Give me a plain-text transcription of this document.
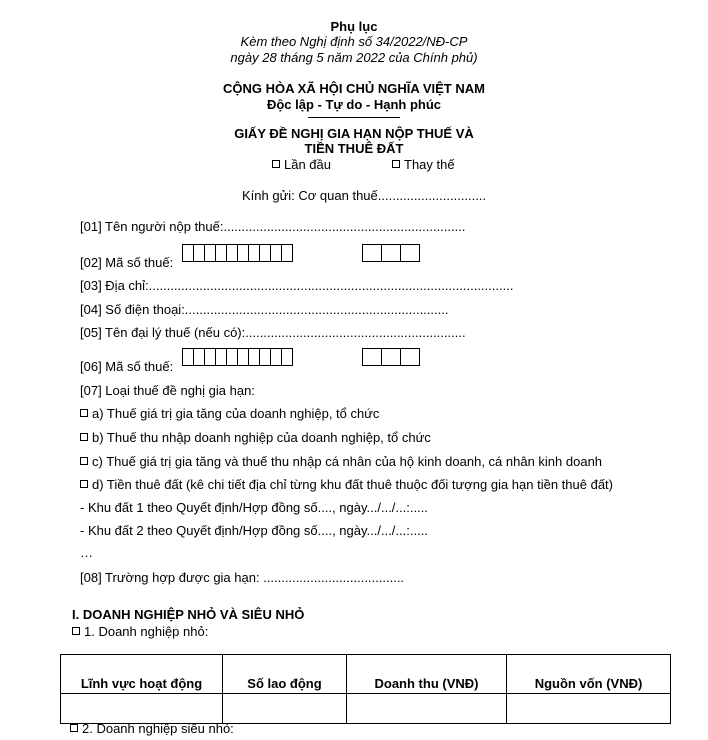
Phụ lục
Kèm theo Nghị định số 34/2022/NĐ-CP
ngày 28 tháng 5 năm 2022 của Chính phủ)
CỘNG HÒA XÃ HỘI CHỦ NGHĨA VIỆT NAM
Độc lập - Tự do - Hạnh phúc
GIẤY ĐỀ NGHỊ GIA HẠN NỘP THUẾ VÀ
TIỀN THUÊ ĐẤT
Lần đầu	Thay thế
Kính gửi: Cơ quan thuế..............................
[01] Tên người nộp thuế:...................................................................
[02] Mã số thuế:
[03] Địa chỉ:.....................................................................................................
[04] Số điện thoại:.........................................................................
[05] Tên đại lý thuế (nếu có):.............................................................
[06] Mã số thuế:
[07] Loại thuế đề nghị gia hạn:
a) Thuế giá trị gia tăng của doanh nghiệp, tổ chức
b) Thuế thu nhập doanh nghiệp của doanh nghiệp, tổ chức
c) Thuế giá trị gia tăng và thuế thu nhập cá nhân của hộ kinh doanh, cá nhân kinh doanh
d) Tiền thuê đất (kê chi tiết địa chỉ từng khu đất thuê thuộc đối tượng gia hạn tiền thuê đất)
- Khu đất 1 theo Quyết định/Hợp đồng số...., ngày.../.../...:.....
- Khu đất 2 theo Quyết định/Hợp đồng số...., ngày.../.../...:.....
…
[08] Trường hợp được gia hạn: .......................................
I. DOANH NGHIỆP NHỎ VÀ SIÊU NHỎ
1. Doanh nghiệp nhỏ:
Lĩnh vực hoạt động	Số lao động	Doanh thu (VNĐ)	Nguồn vốn (VNĐ)

2. Doanh nghiệp siêu nhỏ:
